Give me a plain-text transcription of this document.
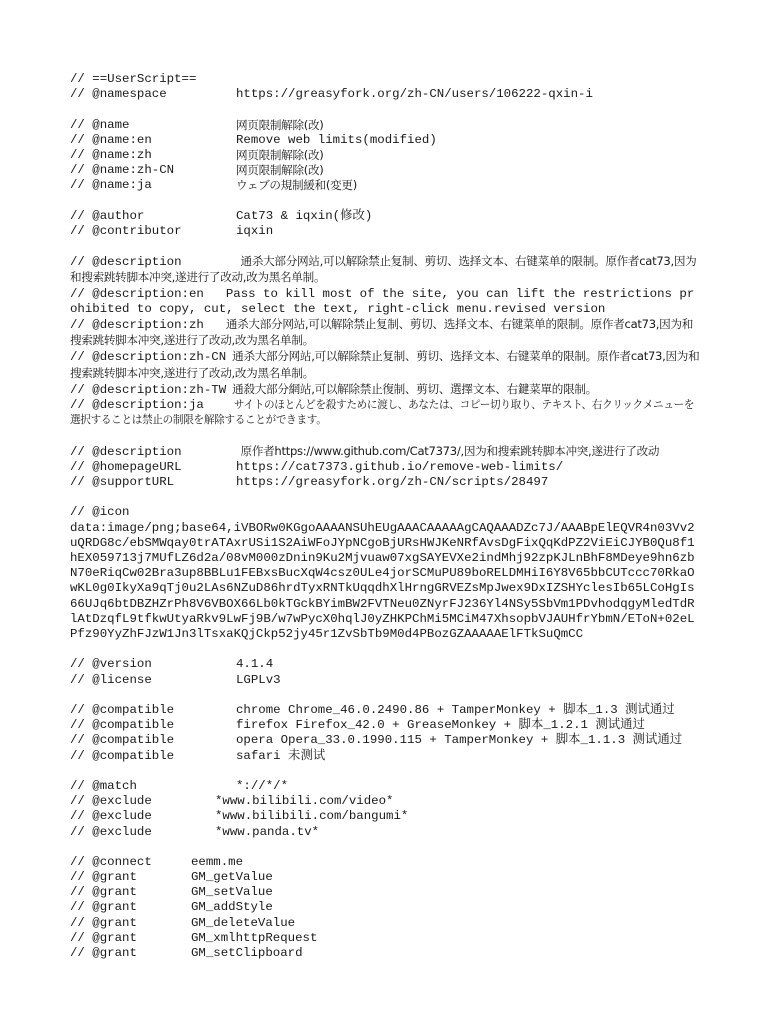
// ==UserScript==

// @namespace

	https://greasyfork.org/zh-CN/users/106222-qxin-i

// @name	网页限制解除(改)
// @name:en	Remove web limits(modified)
// @name:zh	网页限制解除(改)
// @name:zh-CN	网页限制解除(改)
// @name:ja	ウェブの規制緩和(変更)
// @author	Cat73 & iqxin(修改)
// @contributor	iqxin
// @description	通杀大部分网站,可以解除禁止复制、剪切、选择文本、右键菜单的限制。原作者cat73,因为和搜索跳转脚本冲突,遂进行了改动,改为黑名单制。
// @description:en Pass to kill most of the site, you can lift the restrictions prohibited to copy, cut, select the text, right-click menu.revised version
// @description:zh 通杀大部分网站,可以解除禁止复制、剪切、选择文本、右键菜单的限制。原作者cat73,因为和搜索跳转脚本冲突,遂进行了改动,改为黑名单制。
// @description:zh-CN 通杀大部分网站,可以解除禁止复制、剪切、选择文本、右键菜单的限制。原作者cat73,因为和搜索跳转脚本冲突,遂进行了改动,改为黑名单制。
// @description:zh-TW 通殺大部分網站,可以解除禁止復制、剪切、選擇文本、右鍵菜單的限制。
// @description:ja	サイトのほとんどを殺すために渡し、あなたは、コピー切り取り、テキスト、右クリックメニューを選択することは禁止の制限を解除することができます。
// @description	原作者https://www.github.com/Cat7373/,因为和搜索跳转脚本冲突,遂进行了改动
// @homepageURL	https://cat7373.github.io/remove-web-limits/
// @supportURL	https://greasyfork.org/zh-CN/scripts/28497
// @icon
data:image/png;base64,iVBORw0KGgoAAAANSUhEUgAAACAAAAAgCAQAAADZc7J/AAABpElEQVR4n03Vv2uQRDG8c/ebSMWqay0trATAxrUSi1S2AiWFoJYpNCgoBjURsHWJKeNRfAvsDgFixQqKdPZ2ViEiCJYB0Qu8f1hEX059713j7MUfLZ6d2a/08vM000zDnin9Ku2Mjvuaw07xgSAYEVXe2indMhj92zpKJLnBhF8MDeye9hn6zbN70eRiqCw02Bra3up8BBLu1FEBxsBucXqW4csz0ULe4jorSCMuPU89boRELDMHiI6Y8V65bbCUTccc70RkaOwKL0g0IkyXa9qTj0u2LAs6NZuD86hrdTyxRNTkUqqdhXlHrngGRVEZsMpJwex9DxIZSHYclesIb65LCoHgIs66UJq6btDBZHZrPh8V6VBOX66Lb0kTGckBYimBW2FVTNeu0ZNyrFJ236Yl4NSy5SbVm1PDvhodqgyMledTdRlAtDzqfL9tfkwUtyaRkv9LwFj9B/w7wPycX0hqlJ0yZHKPChMi5MCiM47XhsopbVJAUHfrYbmN/EToN+02eLPfz90YyZhFJzW1Jn3lTsxaKQjCkp52jy45r1ZvSbTb9M0d4PBozGZAAAAAElFTkSuQmCC
// @version	4.1.4
// @license	LGPLv3
// @compatible	chrome Chrome_46.0.2490.86 + TamperMonkey + 脚本_1.3 测试通过
// @compatible	firefox Firefox_42.0 + GreaseMonkey + 脚本_1.2.1 测试通过
// @compatible	opera Opera_33.0.1990.115 + TamperMonkey + 脚本_1.1.3 测试通过
// @compatible	safari 未测试
// @match	*://*/*
// @exclude	*www.bilibili.com/video*
// @exclude	*www.bilibili.com/bangumi*
// @exclude	*www.panda.tv*
// @connect	eemm.me
// @grant	GM_getValue
// @grant	GM_setValue
// @grant	GM_addStyle
// @grant	GM_deleteValue
// @grant	GM_xmlhttpRequest
// @grant	GM_setClipboard
